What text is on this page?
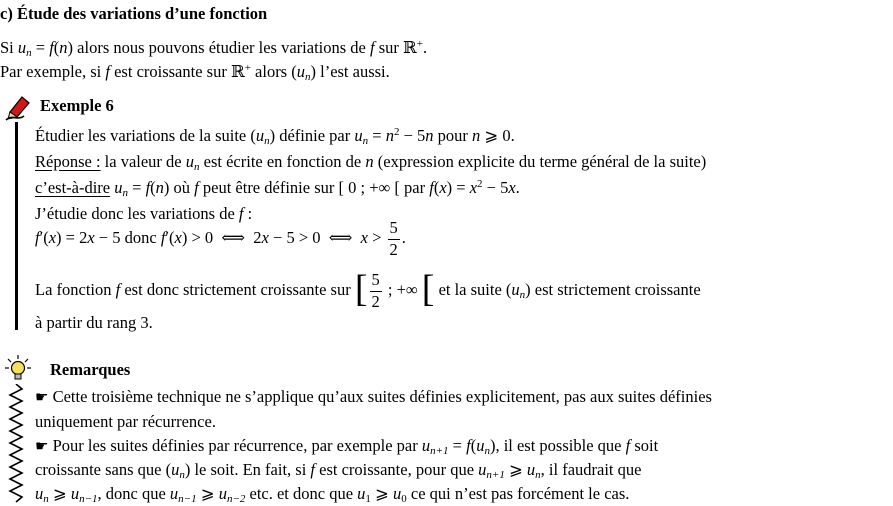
c) Étude des variations d’une fonction
Si $u_n = f(n)$ alors nous pouvons étudier les variations de f sur ℝ+.
Par exemple, si f est croissante sur ℝ+ alors $(u_n)$ l’est aussi.
Exemple 6
Étudier les variations de la suite $(u_n)$ définie par $u_n = n^2 - 5n$ pour n ⩾ 0.
Réponse : la valeur de $u_n$ est écrite en fonction de n (expression explicite du terme général de la suite)
c’est-à-dire $u_n = f(n)$ où f peut être définie sur [ 0 ; +∞ [ par $f(x) = x^2 - 5x$.
J’étudie donc les variations de f :
f′(x) = 2x − 5 donc f′(x) > 0  ⟺  2x − 5 > 0  ⟺  $x > \frac{5}{2}$ .
La fonction f est donc strictement croissante sur [ $\frac{5}{2}$ ; +∞ [ et la suite $(u_n)$ est strictement croissante
à partir du rang 3.
Remarques
☛ Cette troisième technique ne s’applique qu’aux suites définies explicitement, pas aux suites définies
uniquement par récurrence.
☛ Pour les suites définies par récurrence, par exemple par $u_{n+1} = f(u_n)$, il est possible que f soit
croissante sans que $(u_n)$ le soit. En fait, si f est croissante, pour que $u_{n+1}$ ⩾ $u_n$, il faudrait que
$u_n$ ⩾ $u_{n-1}$, donc que $u_{n-1}$ ⩾ $u_{n-2}$ etc. et donc que $u_1$ ⩾ $u_0$ ce qui n’est pas forcément le cas.
